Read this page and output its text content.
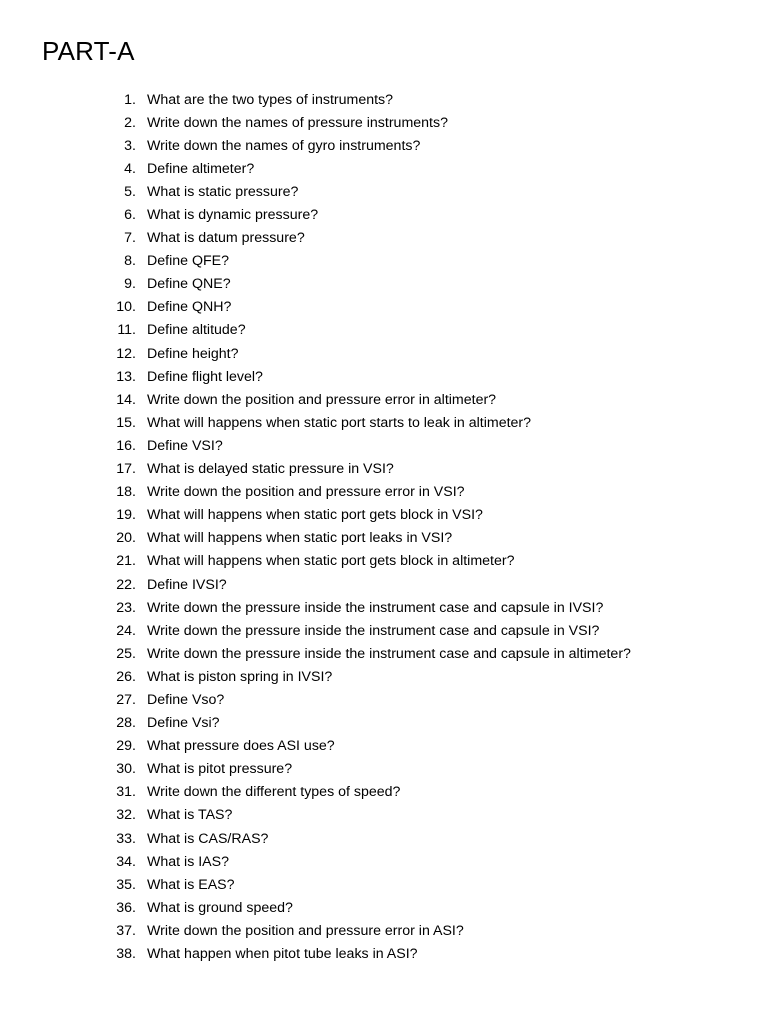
PART-A
1. What are the two types of instruments?
2. Write down the names of pressure instruments?
3. Write down the names of gyro instruments?
4. Define altimeter?
5. What is static pressure?
6. What is dynamic pressure?
7. What is datum pressure?
8. Define QFE?
9. Define QNE?
10. Define QNH?
11. Define altitude?
12. Define height?
13. Define flight level?
14. Write down the position and pressure error in altimeter?
15. What will happens when static port starts to leak in altimeter?
16. Define VSI?
17. What is delayed static pressure in VSI?
18. Write down the position and pressure error in VSI?
19. What will happens when static port gets block in VSI?
20. What will happens when static port leaks in VSI?
21. What will happens when static port gets block in altimeter?
22. Define IVSI?
23. Write down the pressure inside the instrument case and capsule in IVSI?
24. Write down the pressure inside the instrument case and capsule in VSI?
25. Write down the pressure inside the instrument case and capsule in altimeter?
26. What is piston spring in IVSI?
27. Define Vso?
28. Define Vsi?
29. What pressure does ASI use?
30. What is pitot pressure?
31. Write down the different types of speed?
32. What is TAS?
33. What is CAS/RAS?
34. What is IAS?
35. What is EAS?
36. What is ground speed?
37. Write down the position and pressure error in ASI?
38. What happen when pitot tube leaks in ASI?
